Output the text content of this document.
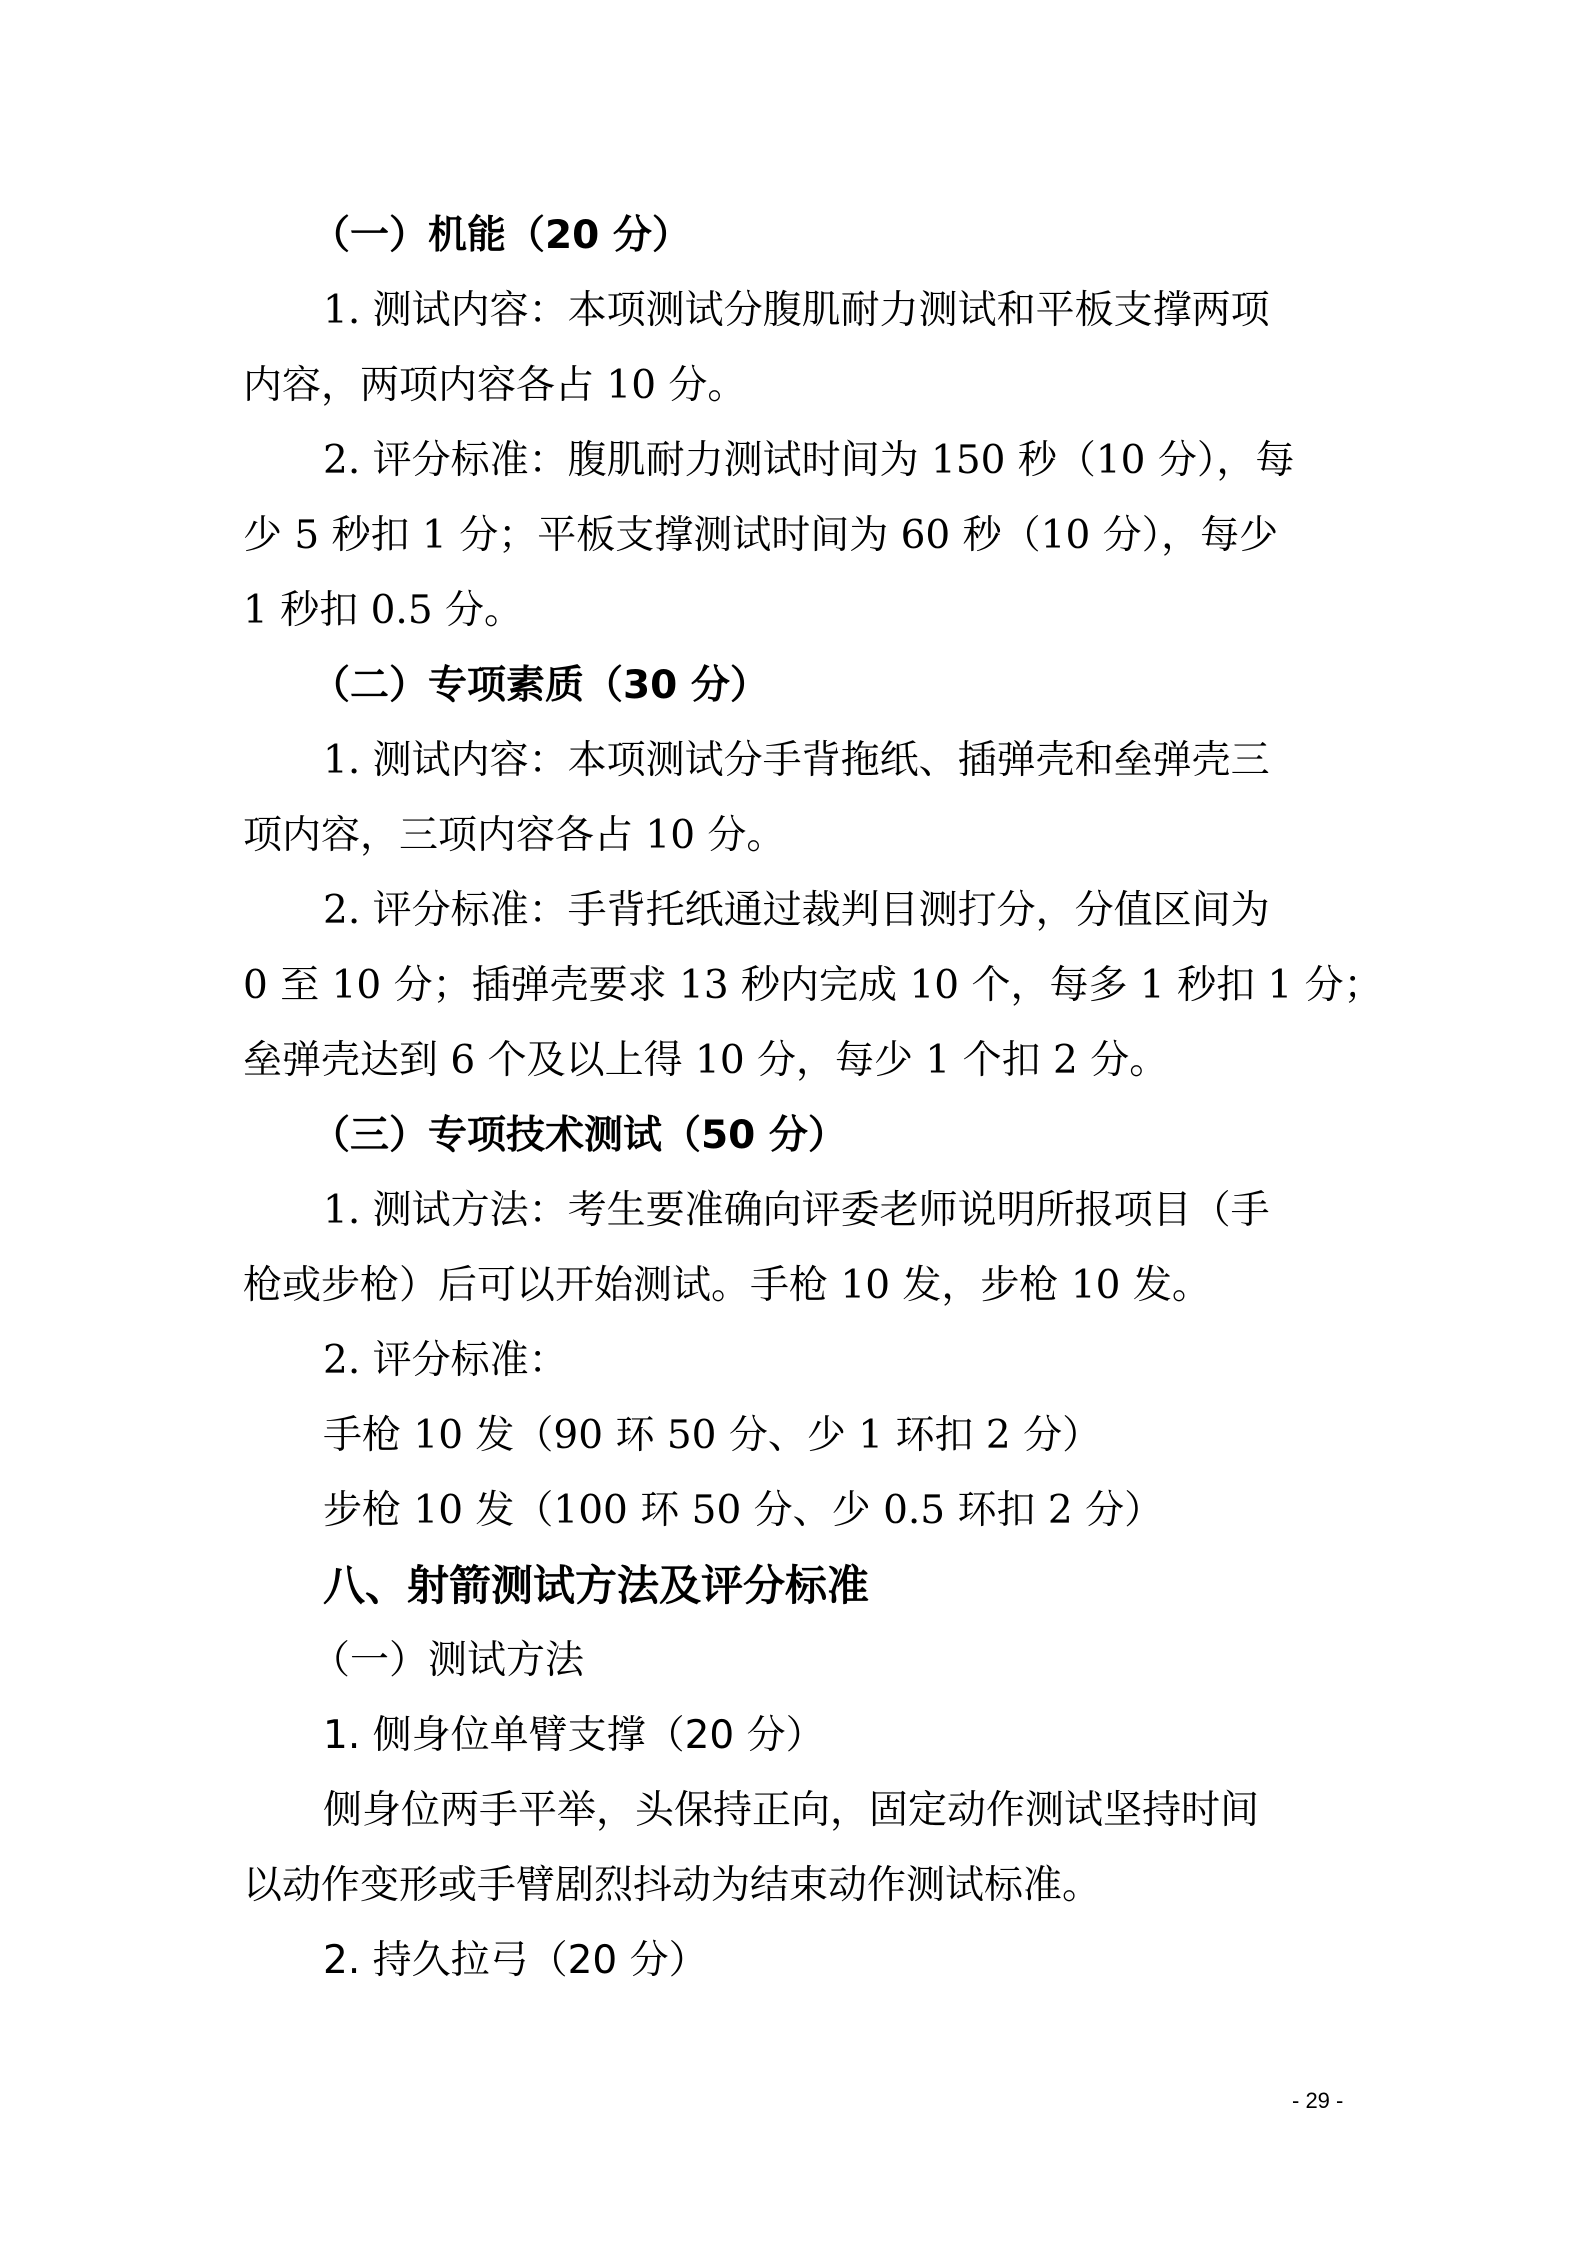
（一）机能（20 分）

1. 测试内容：本项测试分腹肌耐力测试和平板支撑两项

内容，两项内容各占 10 分。

2. 评分标准：腹肌耐力测试时间为 150 秒（10 分），每

少 5 秒扣 1 分；平板支撑测试时间为 60 秒（10 分），每少

1 秒扣 0.5 分。

（二）专项素质（30 分）

1. 测试内容：本项测试分手背拖纸、插弹壳和垒弹壳三

项内容，三项内容各占 10 分。

2. 评分标准：手背托纸通过裁判目测打分，分值区间为

0 至 10 分；插弹壳要求 13 秒内完成 10 个，每多 1 秒扣 1 分；

垒弹壳达到 6 个及以上得 10 分，每少 1 个扣 2 分。

（三）专项技术测试（50 分）

1. 测试方法：考生要准确向评委老师说明所报项目（手

枪或步枪）后可以开始测试。手枪 10 发，步枪 10 发。

2. 评分标准：

手枪 10 发（90 环 50 分、少 1 环扣 2 分）

步枪 10 发（100 环 50 分、少 0.5 环扣 2 分）

八、射箭测试方法及评分标准

（一）测试方法

1. 侧身位单臂支撑（20 分）

侧身位两手平举，头保持正向，固定动作测试坚持时间

以动作变形或手臂剧烈抖动为结束动作测试标准。

2. 持久拉弓（20 分）

- 29 -
